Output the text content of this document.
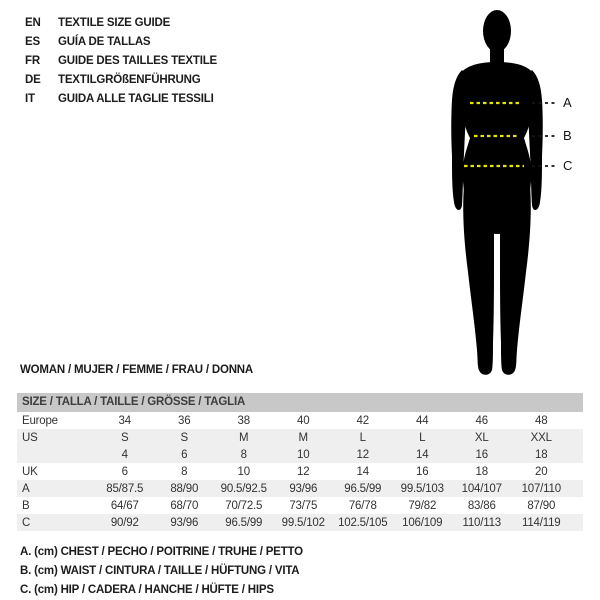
EN	TEXTILE SIZE GUIDE
ES	GUÍA DE TALLAS
FR	GUIDE DES TAILLES TEXTILE
DE	TEXTILGRÖßENFÜHRUNG
IT	GUIDA ALLE TAGLIE TESSILI	A
B
C
WOMAN / MUJER / FEMME / FRAU / DONNA
SIZE / TALLA / TAILLE / GRÖSSE / TAGLIA
Europe	34	36	38	40	42	44	46	48	
US	S	S	M	M	L	L	XL	XXL	
	4	6	8	10	12	14	16	18	
UK	6	8	10	12	14	16	18	20	
A	85/87.5	88/90	90.5/92.5	93/96	96.5/99	99.5/103	104/107	107/110	
B	64/67	68/70	70/72.5	73/75	76/78	79/82	83/86	87/90	
C	90/92	93/96	96.5/99	99.5/102	102.5/105	106/109	110/113	114/119	
A. (cm) CHEST / PECHO / POITRINE / TRUHE / PETTO
B. (cm) WAIST / CINTURA / TAILLE / HÜFTUNG / VITA
C. (cm) HIP / CADERA / HANCHE / HÜFTE / HIPS
